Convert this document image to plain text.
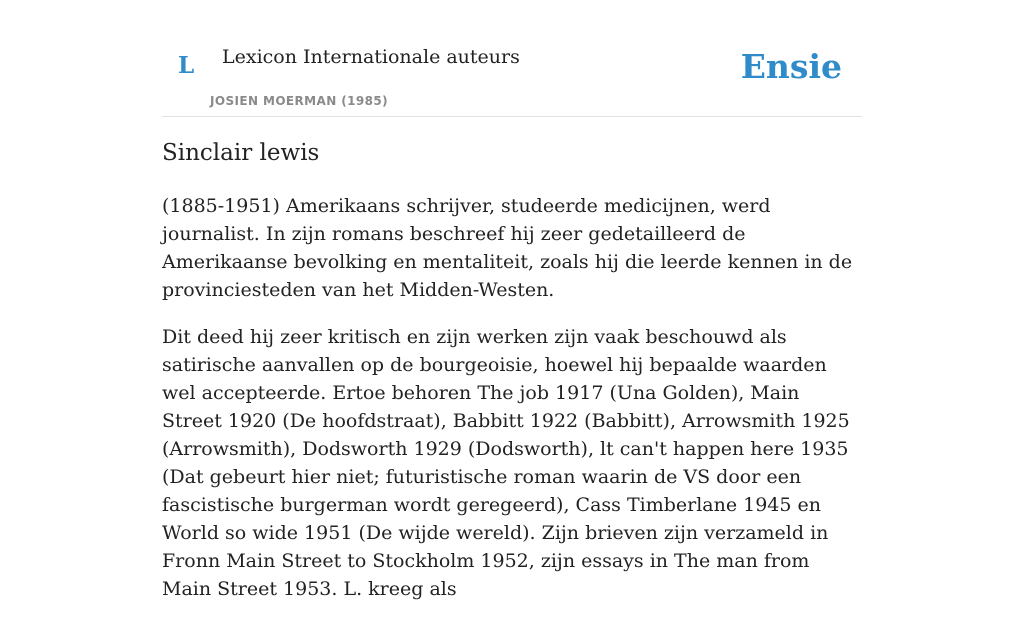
L Lexicon Internationale auteurs
JOSIEN MOERMAN (1985)
Ensie
Sinclair lewis

(1885-1951) Amerikaans schrijver, studeerde medicijnen, werd journalist. In zijn romans beschreef hij zeer gedetailleerd de Amerikaanse bevolking en mentaliteit, zoals hij die leerde kennen in de provinciesteden van het Midden-Westen.

Dit deed hij zeer kritisch en zijn werken zijn vaak beschouwd als satirische aanvallen op de bourgeoisie, hoewel hij bepaalde waarden wel accepteerde. Ertoe behoren The job 1917 (Una Golden), Main Street 1920 (De hoofdstraat), Babbitt 1922 (Babbitt), Arrowsmith 1925 (Arrowsmith), Dodsworth 1929 (Dodsworth), lt can't happen here 1935 (Dat gebeurt hier niet; futuristische roman waarin de VS door een fascistische burgerman wordt geregeerd), Cass Timberlane 1945 en World so wide 1951 (De wijde wereld). Zijn brieven zijn verzameld in Fronn Main Street to Stockholm 1952, zijn essays in The man from Main Street 1953. L. kreeg als
